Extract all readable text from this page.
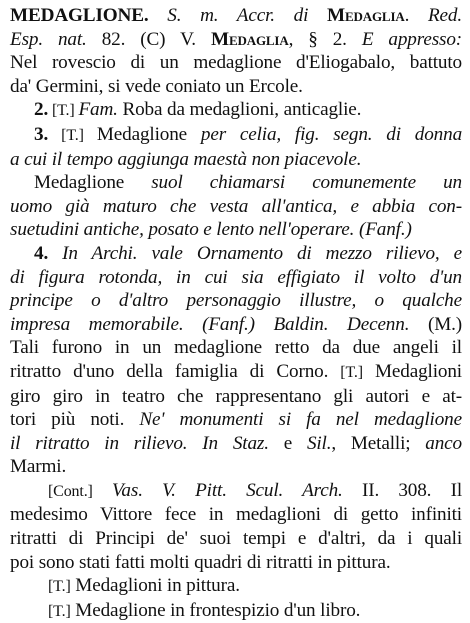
MEDAGLIONE. S. m. Accr. di Medaglia. Red.
Esp. nat. 82. (C) V. Medaglia, § 2. E appresso:
Nel rovescio di un medaglione d'Eliogabalo, battuto
da' Germini, si vede coniato un Ercole.
2. [T.] Fam. Roba da medaglioni, anticaglie.
3. [T.] Medaglione per celia, fig. segn. di donna
a cui il tempo aggiunga maestà non piacevole.
Medaglione suol chiamarsi comunemente un
uomo già maturo che vesta all'antica, e abbia con-
suetudini antiche, posato e lento nell'operare. (Fanf.)
4. In Archi. vale Ornamento di mezzo rilievo, e
di figura rotonda, in cui sia effigiato il volto d'un
principe o d'altro personaggio illustre, o qualche
impresa memorabile. (Fanf.) Baldin. Decenn. (M.)
Tali furono in un medaglione retto da due angeli il
ritratto d'uno della famiglia di Corno. [T.] Medaglioni
giro giro in teatro che rappresentano gli autori e at-
tori più noti. Ne' monumenti si fa nel medaglione
il ritratto in rilievo. In Staz. e Sil., Metalli; anco
Marmi.
[Cont.] Vas. V. Pitt. Scul. Arch. II. 308. Il
medesimo Vittore fece in medaglioni di getto infiniti
ritratti di Principi de' suoi tempi e d'altri, da i quali
poi sono stati fatti molti quadri di ritratti in pittura.
[T.] Medaglioni in pittura.
[T.] Medaglione in frontespizio d'un libro.
